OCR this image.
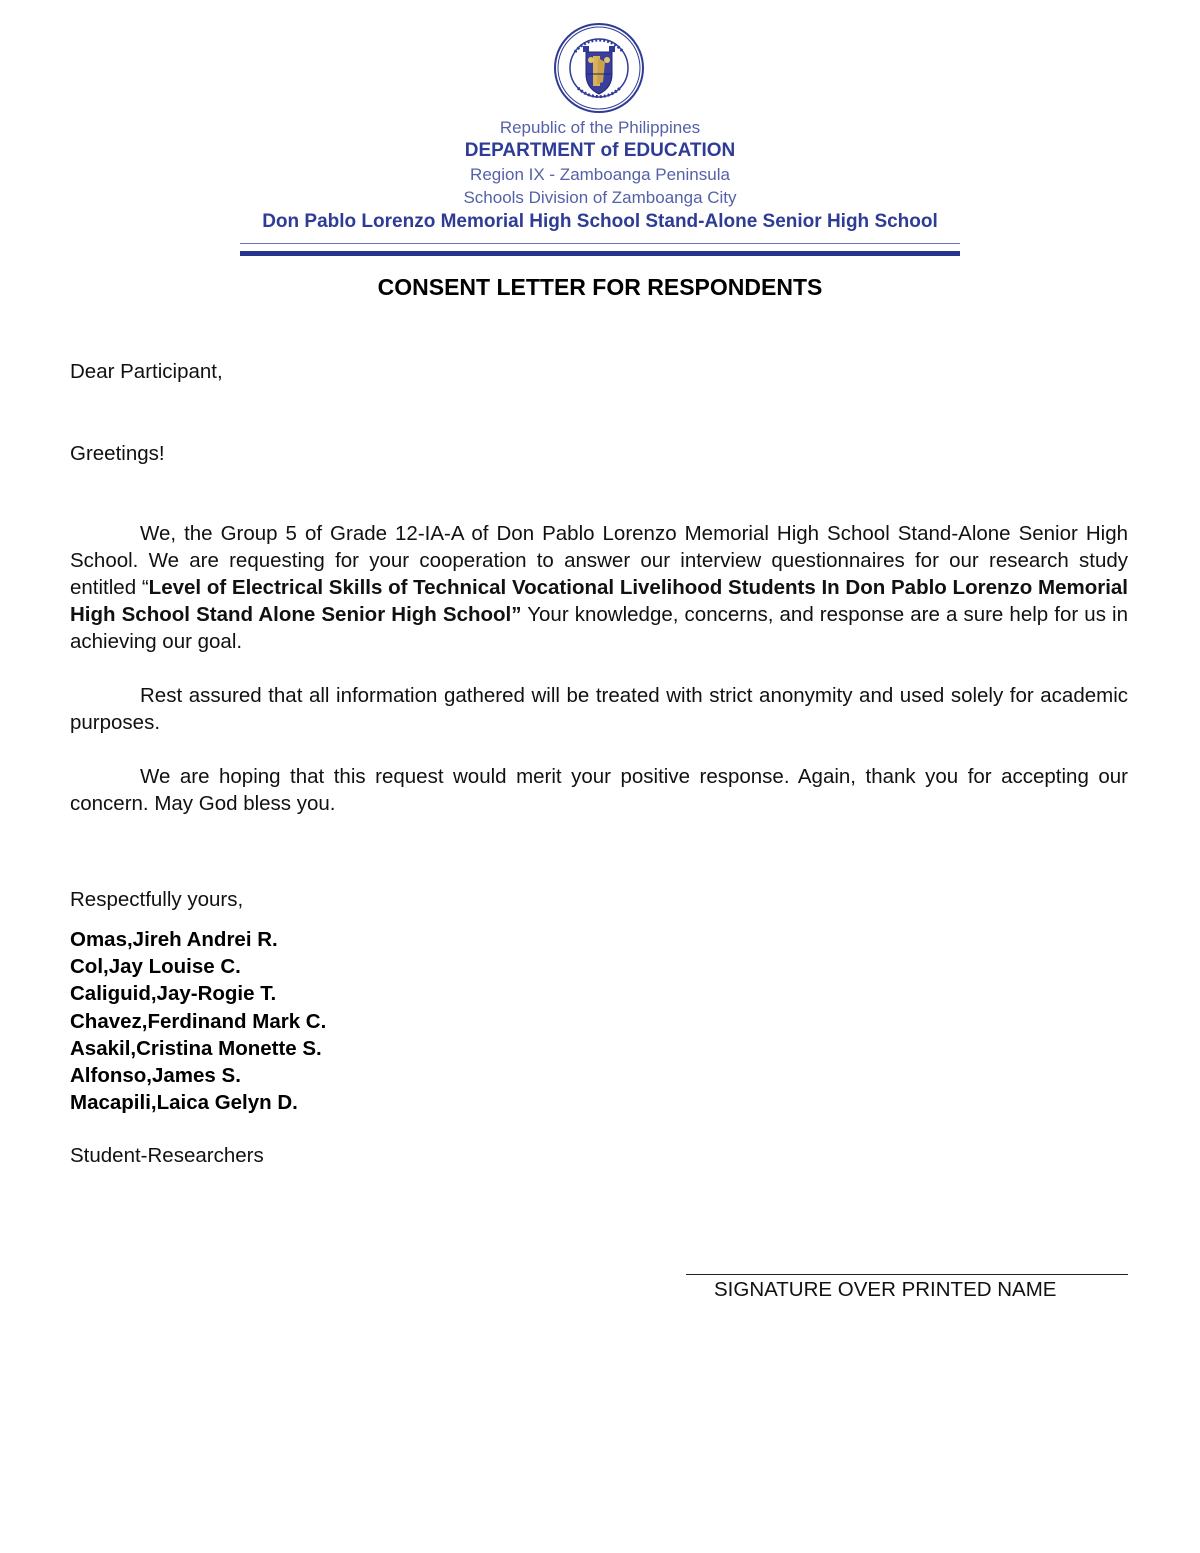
Republic of the Philippines
DEPARTMENT of EDUCATION
Region IX - Zamboanga Peninsula
Schools Division of Zamboanga City
Don Pablo Lorenzo Memorial High School Stand-Alone Senior High School
CONSENT LETTER FOR RESPONDENTS
Dear Participant,
Greetings!
We, the Group 5 of Grade 12-IA-A of Don Pablo Lorenzo Memorial High School Stand-Alone Senior High School. We are requesting for your cooperation to answer our interview questionnaires for our research study entitled “Level of Electrical Skills of Technical Vocational Livelihood Students In Don Pablo Lorenzo Memorial High School Stand Alone Senior High School” Your knowledge, concerns, and response are a sure help for us in achieving our goal.
Rest assured that all information gathered will be treated with strict anonymity and used solely for academic purposes.
We are hoping that this request would merit your positive response. Again, thank you for accepting our concern. May God bless you.
Respectfully yours,
Omas,Jireh Andrei R.
Col,Jay Louise C.
Caliguid,Jay-Rogie T.
Chavez,Ferdinand Mark C.
Asakil,Cristina Monette S.
Alfonso,James S.
Macapili,Laica Gelyn D.
Student-Researchers
SIGNATURE OVER PRINTED NAME
